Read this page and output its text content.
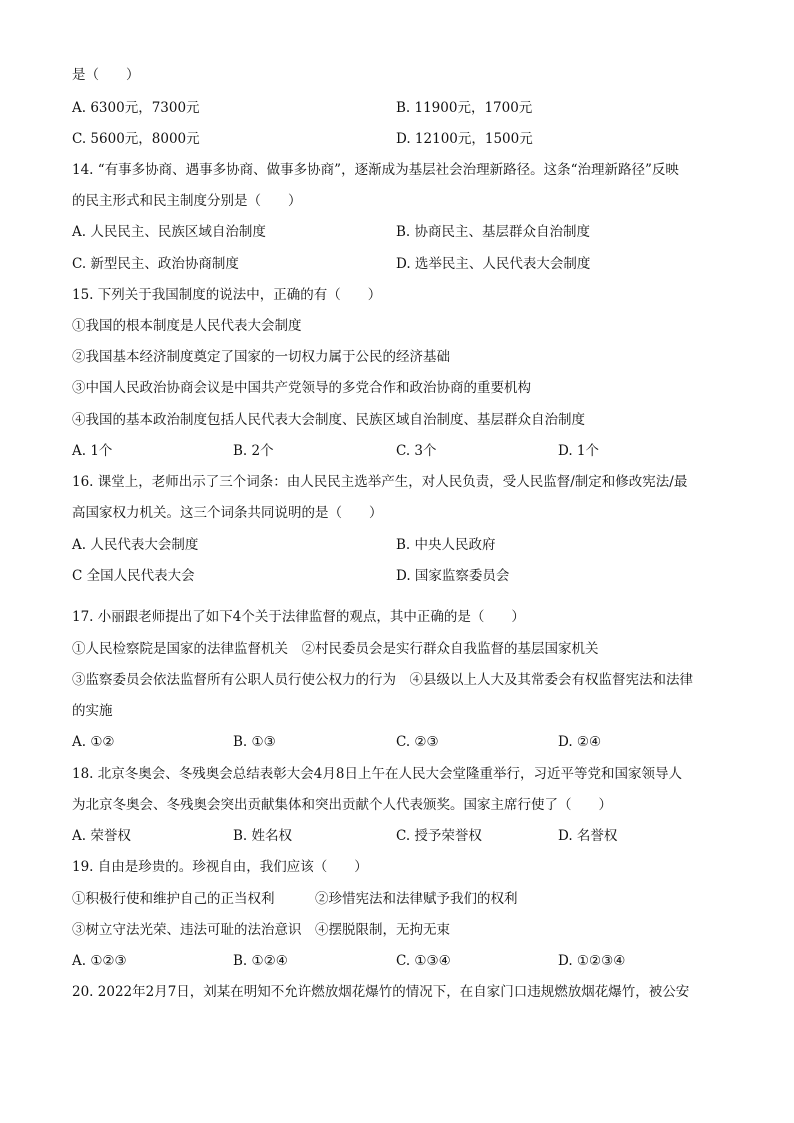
是（　　）
A. 6300元，7300元	B. 11900元，1700元
C. 5600元，8000元	D. 12100元，1500元
14. “有事多协商、遇事多协商、做事多协商”，逐渐成为基层社会治理新路径。这条“治理新路径”反映
的民主形式和民主制度分别是（　　）
A. 人民民主、民族区域自治制度	B. 协商民主、基层群众自治制度
C. 新型民主、政治协商制度	D. 选举民主、人民代表大会制度
15. 下列关于我国制度的说法中，正确的有（　　）
①我国的根本制度是人民代表大会制度
②我国基本经济制度奠定了国家的一切权力属于公民的经济基础
③中国人民政治协商会议是中国共产党领导的多党合作和政治协商的重要机构
④我国的基本政治制度包括人民代表大会制度、民族区域自治制度、基层群众自治制度
A. 1个	B. 2个	C. 3个	D. 1个
16. 课堂上，老师出示了三个词条：由人民民主选举产生，对人民负责，受人民监督/制定和修改宪法/最
高国家权力机关。这三个词条共同说明的是（　　）
A. 人民代表大会制度	B. 中央人民政府
C 全国人民代表大会	D. 国家监察委员会
17. 小丽跟老师提出了如下4个关于法律监督的观点，其中正确的是（　　）
①人民检察院是国家的法律监督机关　②村民委员会是实行群众自我监督的基层国家机关
③监察委员会依法监督所有公职人员行使公权力的行为　④县级以上人大及其常委会有权监督宪法和法律
的实施
A. ①②	B. ①③	C. ②③	D. ②④
18. 北京冬奥会、冬残奥会总结表彰大会4月8日上午在人民大会堂隆重举行，习近平等党和国家领导人
为北京冬奥会、冬残奥会突出贡献集体和突出贡献个人代表颁奖。国家主席行使了（　　）
A. 荣誉权	B. 姓名权	C. 授予荣誉权	D. 名誉权
19. 自由是珍贵的。珍视自由，我们应该（　　）
①积极行使和维护自己的正当权利　　　②珍惜宪法和法律赋予我们的权利
③树立守法光荣、违法可耻的法治意识　④摆脱限制，无拘无束
A. ①②③	B. ①②④	C. ①③④	D. ①②③④
20. 2022年2月7日，刘某在明知不允许燃放烟花爆竹的情况下，在自家门口违规燃放烟花爆竹，被公安
